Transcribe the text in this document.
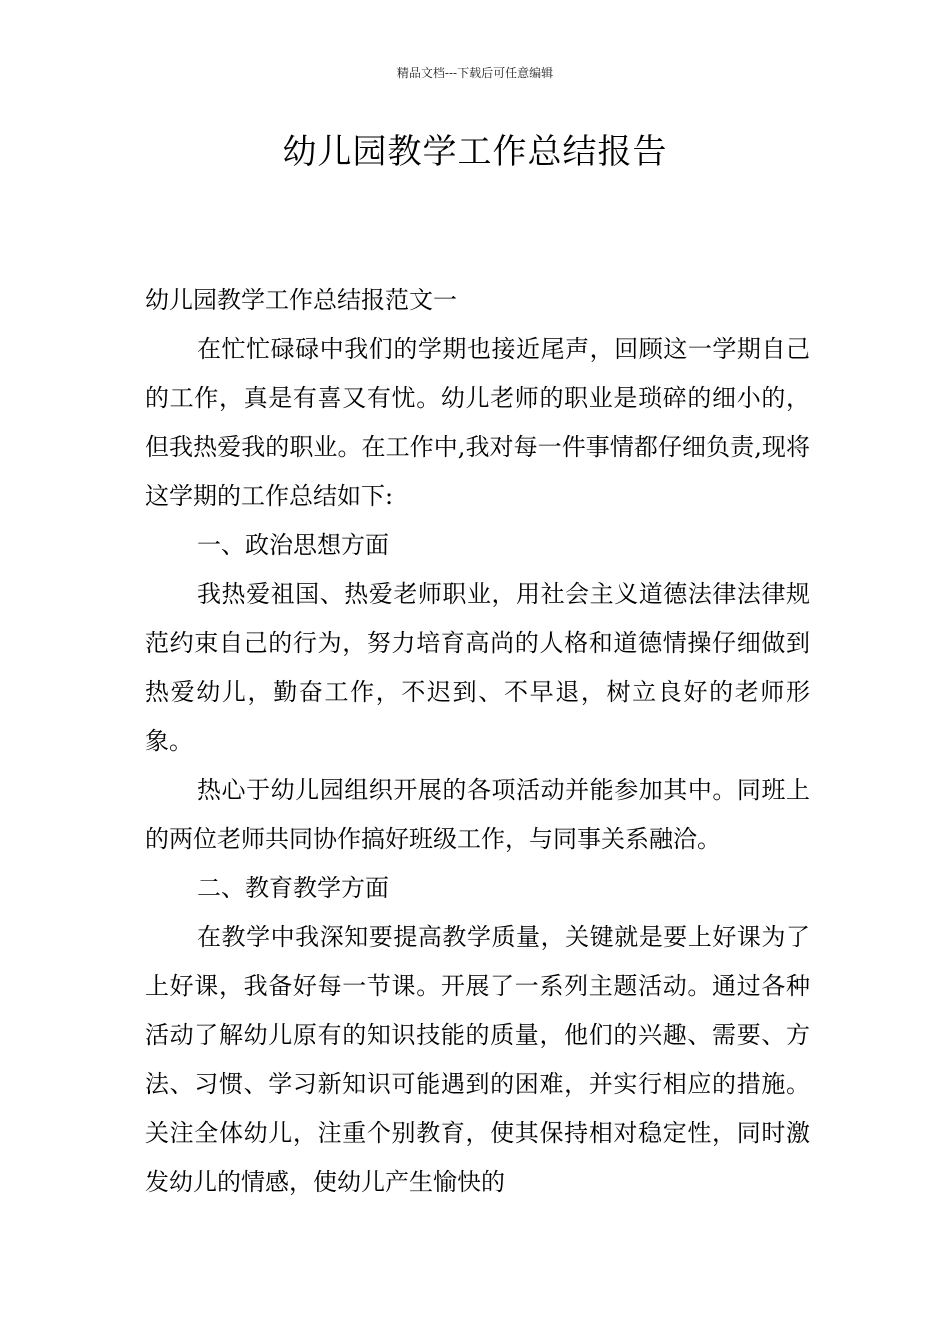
精品文档---下载后可任意编辑
幼儿园教学工作总结报告

幼儿园教学工作总结报范文一

在忙忙碌碌中我们的学期也接近尾声，回顾这一学期自己的工作，真是有喜又有忧。幼儿老师的职业是琐碎的细小的，但我热爱我的职业。在工作中,我对每一件事情都仔细负责,现将这学期的工作总结如下:

一、政治思想方面

我热爱祖国、热爱老师职业，用社会主义道德法律法律规范约束自己的行为，努力培育高尚的人格和道德情操仔细做到热爱幼儿，勤奋工作，不迟到、不早退，树立良好的老师形象。

热心于幼儿园组织开展的各项活动并能参加其中。同班上的两位老师共同协作搞好班级工作，与同事关系融洽。

二、教育教学方面

在教学中我深知要提高教学质量，关键就是要上好课为了上好课，我备好每一节课。开展了一系列主题活动。通过各种活动了解幼儿原有的知识技能的质量，他们的兴趣、需要、方法、习惯、学习新知识可能遇到的困难，并实行相应的措施。关注全体幼儿，注重个别教育，使其保持相对稳定性，同时激发幼儿的情感，使幼儿产生愉快的
